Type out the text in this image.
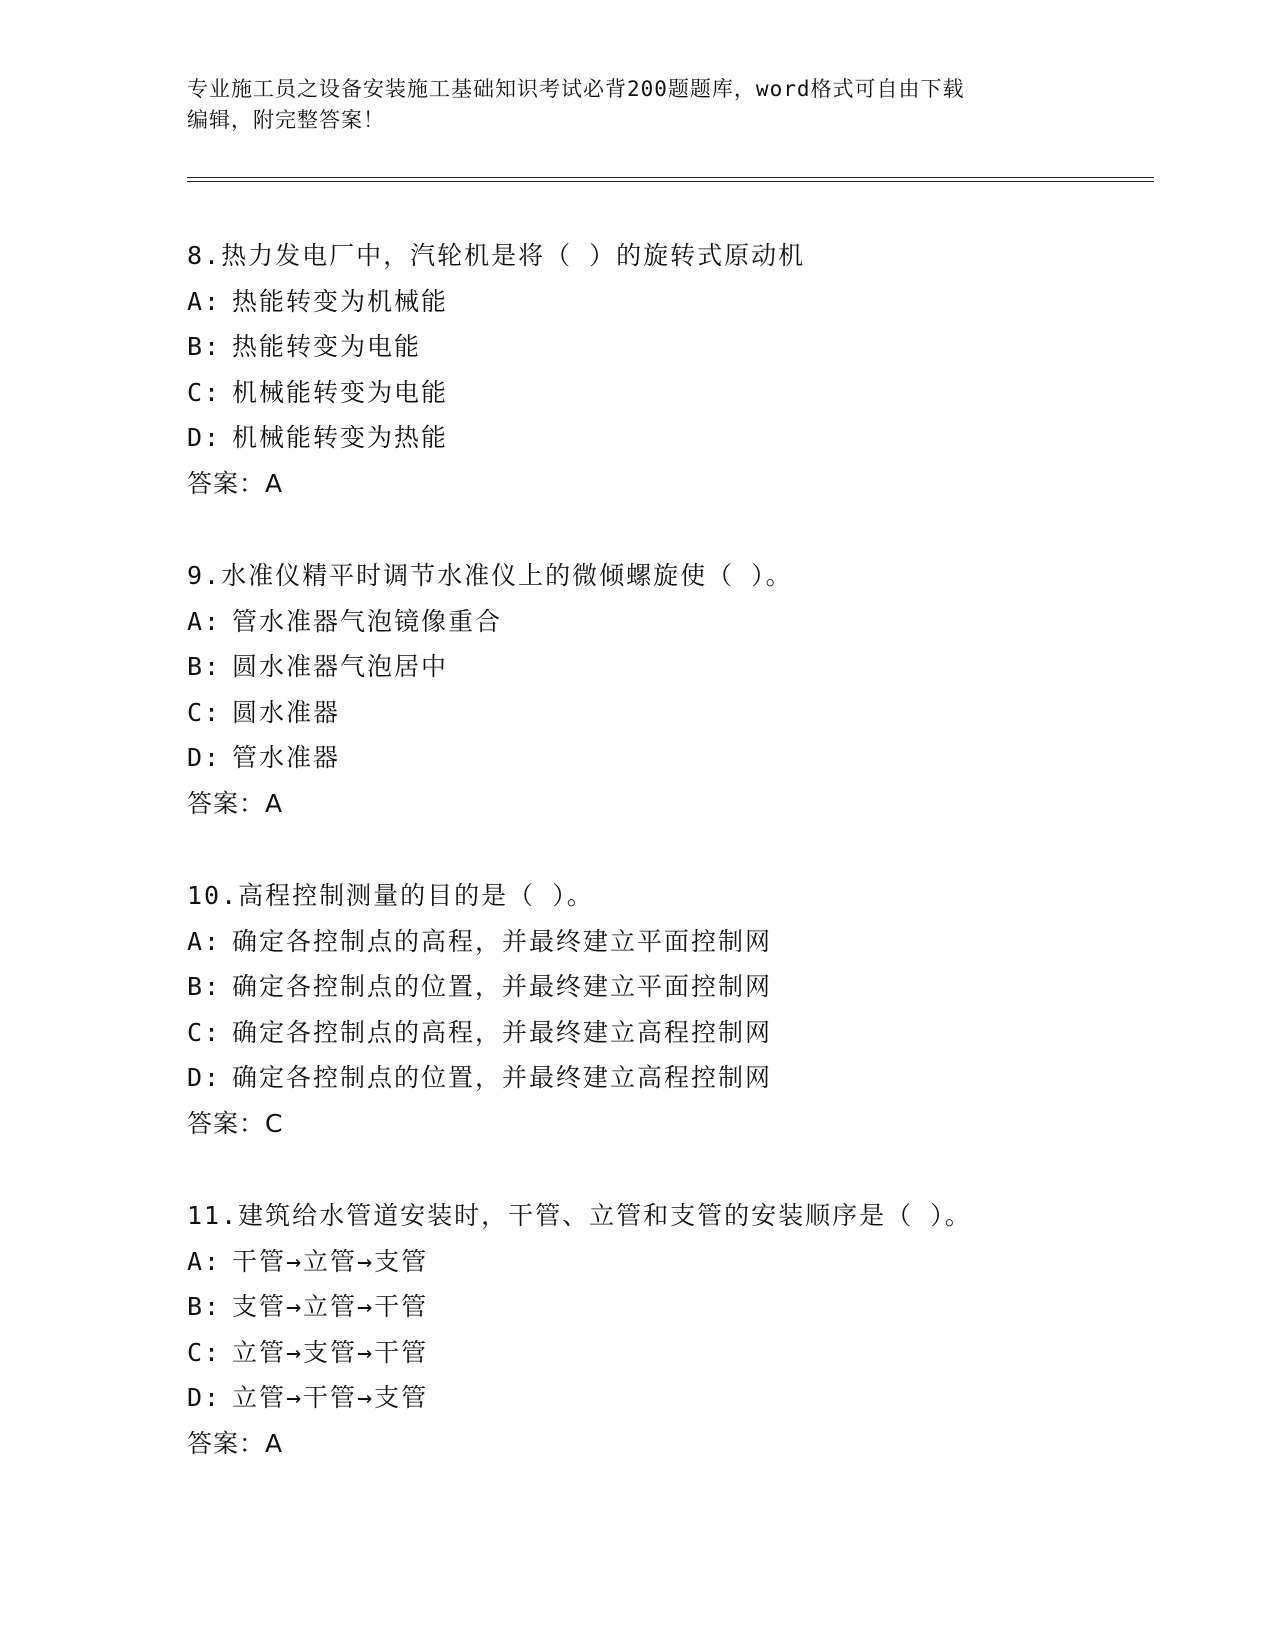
专业施工员之设备安装施工基础知识考试必背200题题库，word格式可自由下载
编辑，附完整答案！
8.热力发电厂中，汽轮机是将（ ）的旋转式原动机
A: 热能转变为机械能
B: 热能转变为电能
C: 机械能转变为电能
D: 机械能转变为热能
答案：A
9.水准仪精平时调节水准仪上的微倾螺旋使（ ）。
A: 管水准器气泡镜像重合
B: 圆水准器气泡居中
C: 圆水准器
D: 管水准器
答案：A
10.高程控制测量的目的是（ ）。
A: 确定各控制点的高程，并最终建立平面控制网
B: 确定各控制点的位置，并最终建立平面控制网
C: 确定各控制点的高程，并最终建立高程控制网
D: 确定各控制点的位置，并最终建立高程控制网
答案：C
11.建筑给水管道安装时，干管、立管和支管的安装顺序是（ ）。
A: 干管→立管→支管
B: 支管→立管→干管
C: 立管→支管→干管
D: 立管→干管→支管
答案：A
